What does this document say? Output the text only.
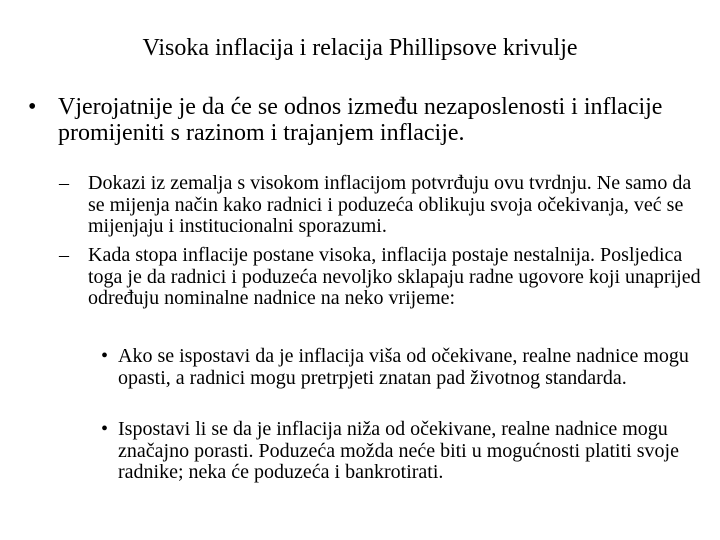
Visoka inflacija i relacija Phillipsove krivulje
• Vjerojatnije je da će se odnos između nezaposlenosti i inflacije promijeniti s razinom i trajanjem inflacije.
– Dokazi iz zemalja s visokom inflacijom potvrđuju ovu tvrdnju. Ne samo da se mijenja način kako radnici i poduzeća oblikuju svoja očekivanja, već se mijenjaju i institucionalni sporazumi.
– Kada stopa inflacije postane visoka, inflacija postaje nestalnija. Posljedica toga je da radnici i poduzeća nevoljko sklapaju radne ugovore koji unaprijed određuju nominalne nadnice na neko vrijeme:
• Ako se ispostavi da je inflacija viša od očekivane, realne nadnice mogu opasti, a radnici mogu pretrpjeti znatan pad životnog standarda.
• Ispostavi li se da je inflacija niža od očekivane, realne nadnice mogu značajno porasti. Poduzeća možda neće biti u mogućnosti platiti svoje radnike; neka će poduzeća i bankrotirati.
